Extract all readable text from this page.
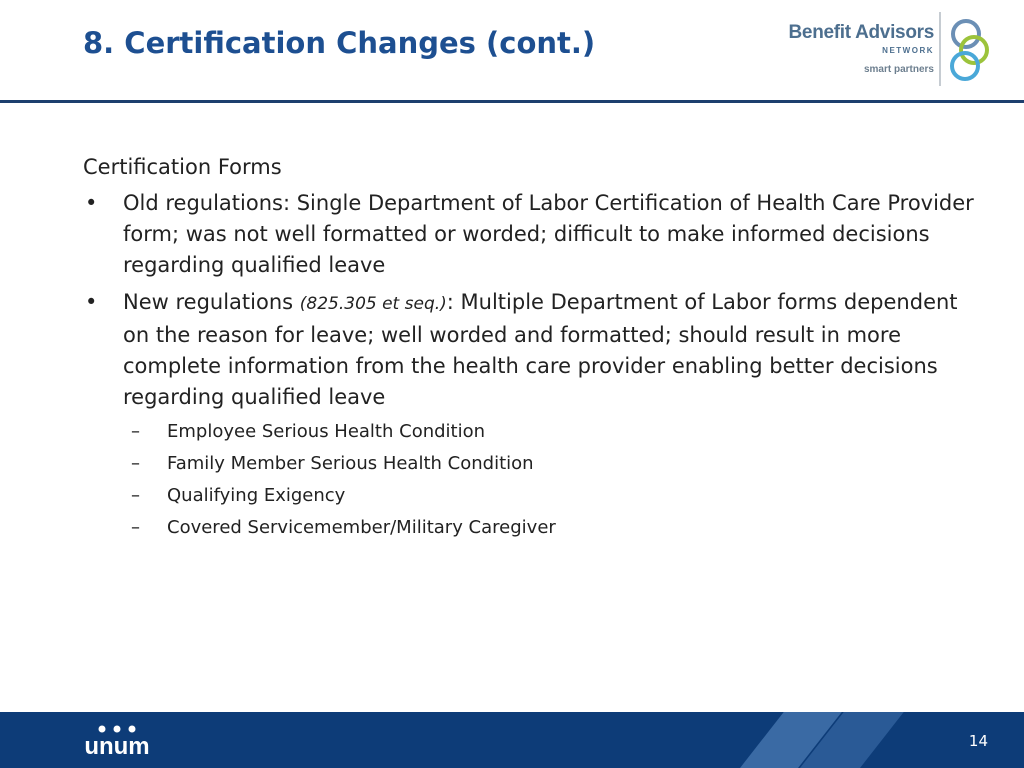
8. Certification Changes (cont.)	Benefit Advisors
NETWORK
smart partners
Certification Forms
• Old regulations: Single Department of Labor Certification of Health Care Provider form; was not well formatted or worded; difficult to make informed decisions regarding qualified leave
• New regulations (825.305 et seq.): Multiple Department of Labor forms dependent on the reason for leave; well worded and formatted; should result in more complete information from the health care provider enabling better decisions regarding qualified leave
– Employee Serious Health Condition
– Family Member Serious Health Condition
– Qualifying Exigency
– Covered Servicemember/Military Caregiver
unum	14
